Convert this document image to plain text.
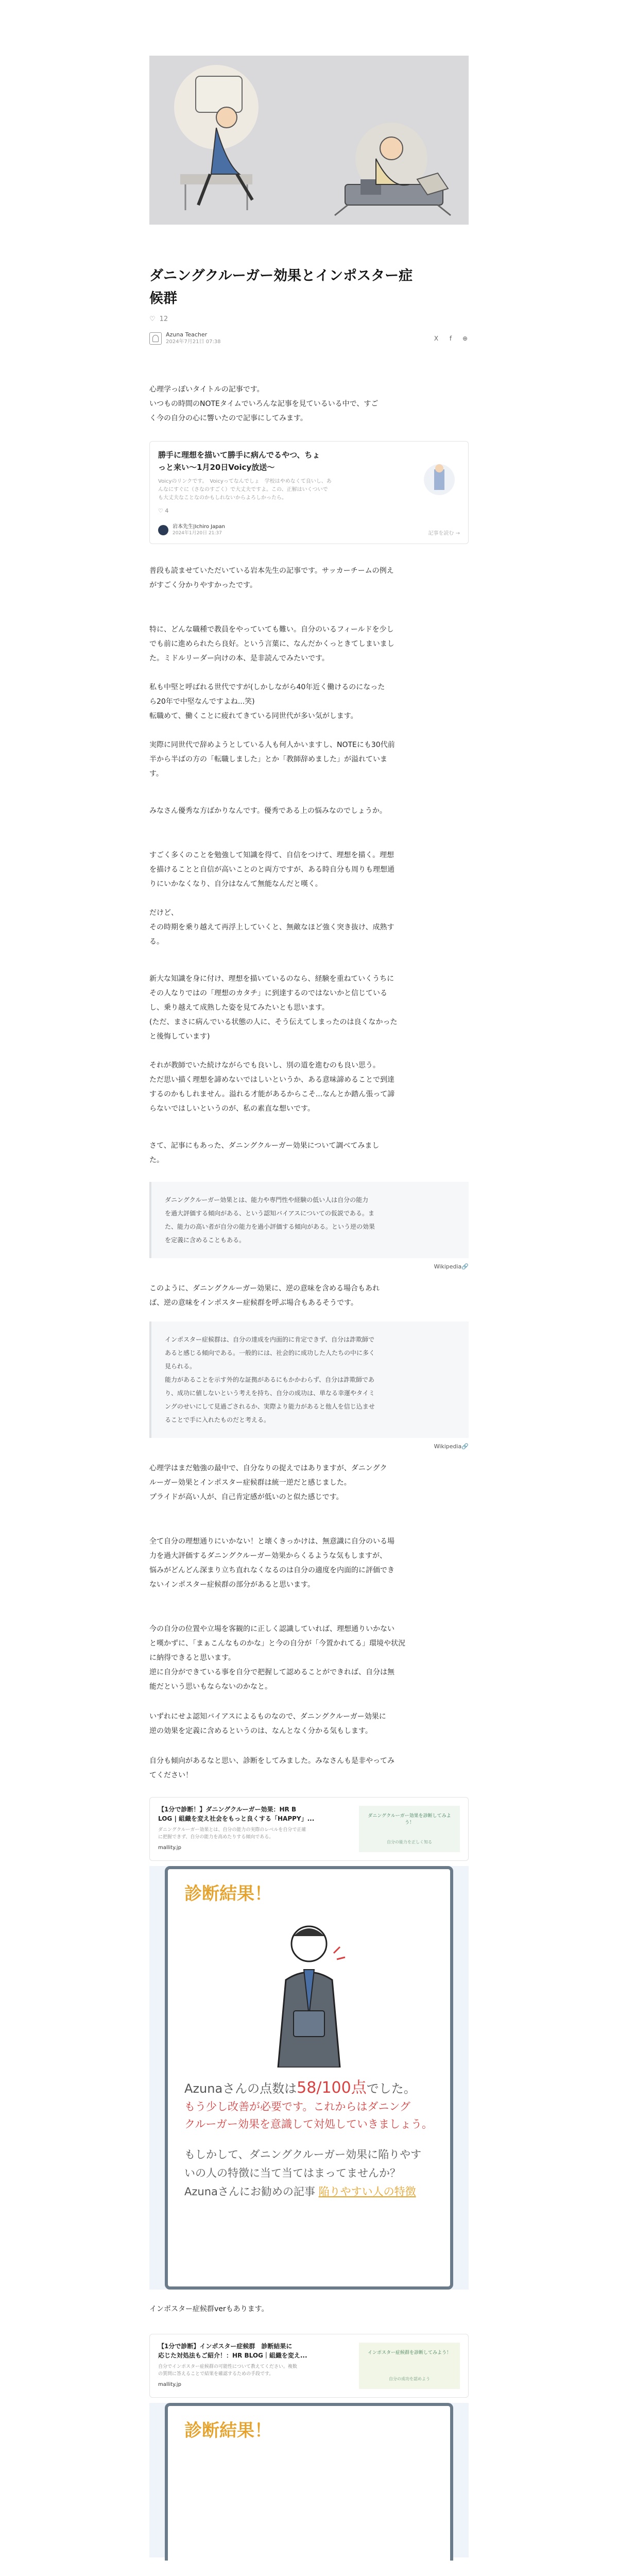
ダニングクルーガー効果とインポスター症
候群
♡ 12
Azuna Teacher
2024年7月21日 07:38	X	f	⊕

心理学っぽいタイトルの記事です。
いつもの時間のNOTEタイムでいろんな記事を見ているいる中で、すご
く今の自分の心に響いたので記事にしてみます。

勝手に理想を描いて勝手に病んでるやつ、ちょ
っと来い〜1月20日Voicy放送〜
Voicyのリンクです。　Voicyってなんでしょ　学校はやめなくて良いし、あ
んなにすぐに（さなのすごく）で大丈夫ですよ。この、正解はいくついで
も大丈夫なことなのかもしれないからよろしかったら。
♡ 4
岩本先生|Ichiro Japan
2024年1月20日 21:37	記事を読む →

普段も読ませていただいている岩本先生の記事です。サッカーチームの例え
がすごく分かりやすかったです。

特に、どんな職種で教員をやっていても難い。自分のいるフィールドを少し
でも前に進められたら良好。という言葉に、なんだかくっときてしまいまし
た。ミドルリーダー向けの本、是非読んでみたいです。

私も中堅と呼ばれる世代ですが(しかしながら40年近く働けるのになった
ら20年で中堅なんですよね...笑)
転職めて、働くことに疲れてきている同世代が多い気がします。

実際に同世代で辞めようとしている人も何人かいますし、NOTEにも30代前
半から半ばの方の「転職しました」とか「教師辞めました」が溢れていま
す。

みなさん優秀な方ばかりなんです。優秀である上の悩みなのでしょうか。

すごく多くのことを勉強して知識を得て、自信をつけて、理想を描く。理想
を描けることと自信が高いことのと両方ですが、ある時自分も周りも理想通
りにいかなくなり、自分はなんて無能なんだと嘆く。

だけど、
その時期を乗り越えて再浮上していくと、無敵なほど強く突き抜け、成熟す
る。

新大な知識を身に付け、理想を描いているのなら、経験を重ねていくうちに
その人なりではの「理想のカタチ」に到達するのではないかと信じている
し、乗り越えて成熟した姿を見てみたいとも思います。
(ただ、まさに病んでいる状態の人に、そう伝えてしまったのは良くなかった
と後悔しています)

それが教師でいた続けながらでも良いし、別の道を進むのも良い思う。
ただ思い描く理想を諦めないではしいというか、ある意味諦めることで到達
するのかもしれません。溢れる才能があるからこそ...なんとか踏ん張って諦
らないではしいというのが、私の素直な想いです。

さて、記事にもあった、ダニングクルーガー効果について調べてみまし
た。

ダニングクルーガー効果とは、能力や専門性や経験の低い人は自分の能力
を過大評価する傾向がある、という認知バイアスについての仮説である。ま
た、能力の高い者が自分の能力を過小評価する傾向がある。という逆の効果
を定義に含めることもある。
Wikipedia🔗

このように、ダニングクルーガー効果に、逆の意味を含める場合もあれ
ば、逆の意味をインポスター症候群を呼ぶ場合もあるそうです。

インポスター症候群は、自分の達成を内面的に肯定できず、自分は詐欺師で
あると感じる傾向である。一般的には、社会的に成功した人たちの中に多く
見られる。
能力があることを示す外的な証拠があるにもかかわらず、自分は詐欺師であ
り、成功に値しないという考えを持ち、自分の成功は、単なる幸運やタイミ
ングのせいにして見過ごされるか、実際より能力があると他人を信じ込ませ
ることで手に入れたものだと考える。
Wikipedia🔗

心理学はまだ勉強の最中で、自分なりの捉えではありますが、ダニングク
ルーガー効果とインポスター症候群は統一逆だと感じました。
プライドが高い人が、自己肯定感が低いのと似た感じです。

全て自分の理想通りにいかない！と壊くきっかけは、無意識に自分のいる場
力を過大評価するダニングクルーガー効果からくるような気もしますが、
悩みがどんどん深まり立ち直れなくなるのは自分の適度を内面的に評価でき
ないインポスター症候群の部分があると思います。

今の自分の位置や立場を客観的に正しく認識していれば、理想通りいかない
と嘆かずに、「まぁこんなものかな」と今の自分が「今置かれてる」環境や状況
に納得できると思います。
逆に自分ができている事を自分で把握して認めることができれば、自分は無
能だという思いもならないのかなと。

いずれにせよ認知バイアスによるものなので、ダニングクルーガー効果に
逆の効果を定義に含めるというのは、なんとなく分かる気もします。

自分も傾向があるなと思い、診断をしてみました。みなさんも是非やってみ
てください！

【1分で診断！】ダニングクルーガー効果：HR B
LOG | 組織を変え社会をもっと良くする「HAPPY」...
ダニングクルーガー効果とは、自分の能力の実際のレベルを自分で正確
に把握できず、自分の能力を高めたりする傾向である。
mallity.jp
ダニングクルーガー効果を診断してみよう！
自分の能力を正しく知る
診断結果！
Azunaさんの点数は58/100点でした。
もう少し改善が必要です。これからはダニング
クルーガー効果を意識して対処していきましょう。
もしかして、ダニングクルーガー効果に陥りやす
いの人の特徴に当て当てはまってませんか？
Azunaさんにお勧めの記事 陥りやすい人の特徴

インポスター症候群verもあります。

【1分で診断】インポスター症候群　診断結果に
応じた対処法もご紹介！：HR BLOG｜組織を変え...
自分でインポスター症候群の可能性について教えてください。複数
の質問に答えることで結果を確認するための手段です。
mallity.jp
インポスター症候群を診断してみよう！
自分の成功を認めよう
診断結果！
